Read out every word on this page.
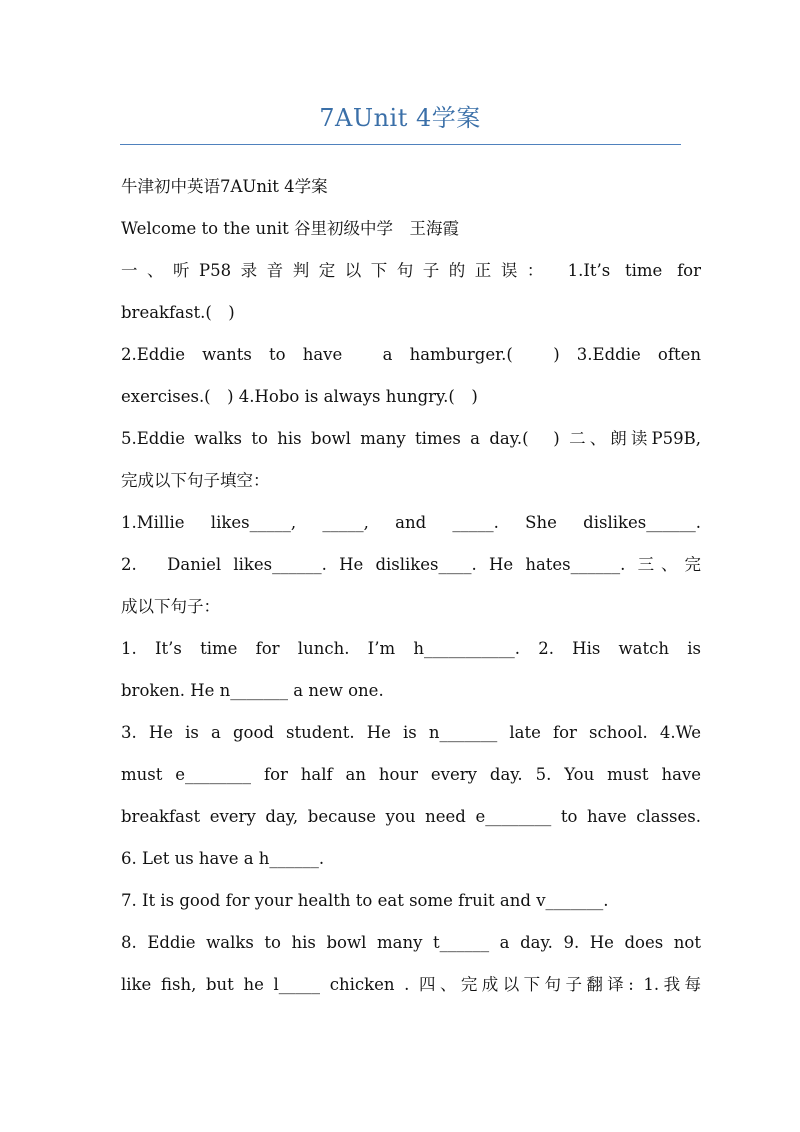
7AUnit 4学案
牛津初中英语7AUnit 4学案
Welcome to the unit 谷里初级中学　王海霞
一、听P58录音判定以下句子的正误： 1.It’s time for
breakfast.(　)
2.Eddie wants to have　a hamburger.(　) 3.Eddie often
exercises.(　) 4.Hobo is always hungry.(　)
5.Eddie walks to his bowl many times a day.(　) 二、朗读P59B,
完成以下句子填空：
1.Millie likes_____, _____, and _____. She dislikes______.
2.　Daniel likes______. He dislikes____. He hates______. 三、完
成以下句子：
1. It’s time for lunch. I’m h___________. 2. His watch is
broken. He n_______ a new one.
3. He is a good student. He is n_______ late for school. 4.We
must e________ for half an hour every day. 5. You must have
breakfast every day, because you need e________ to have classes.
6. Let us have a h______.
7. It is good for your health to eat some fruit and v_______.
8. Eddie walks to his bowl many t______ a day. 9. He does not
like fish, but he l_____ chicken . 四、完成以下句子翻译: 1.我每
